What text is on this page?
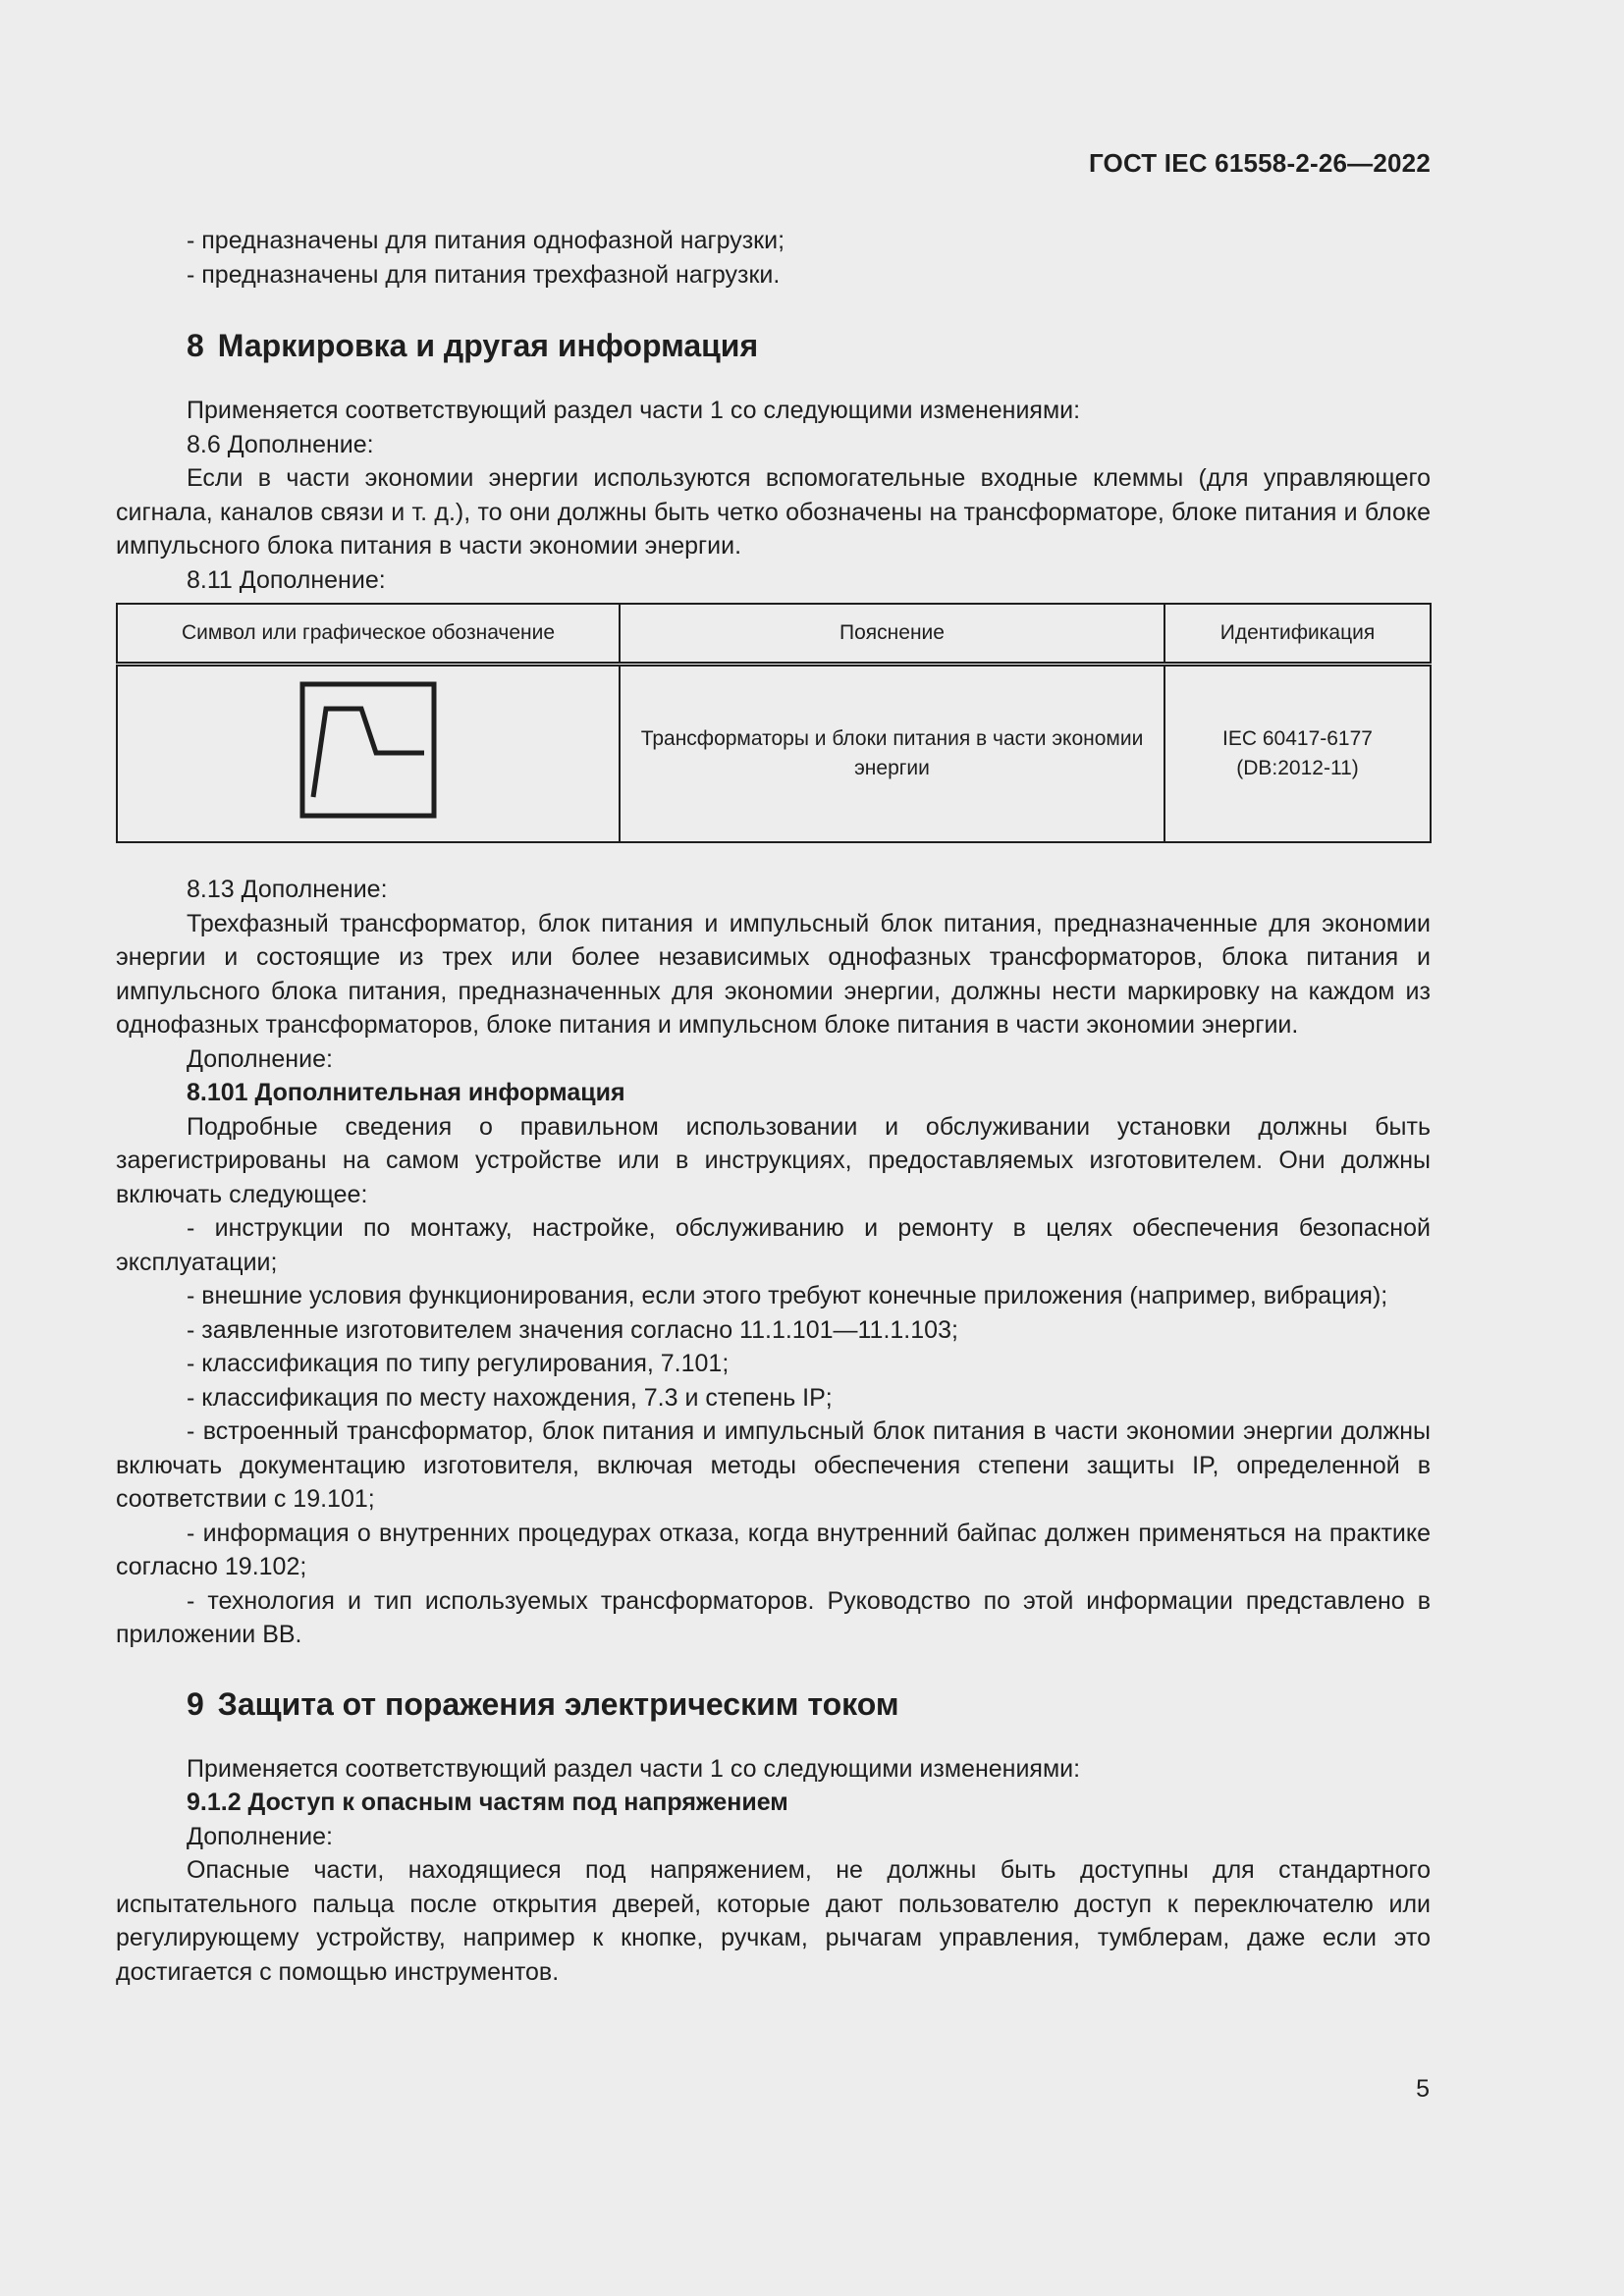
ГОСТ IEC 61558-2-26—2022

- предназначены для питания однофазной нагрузки;

- предназначены для питания трехфазной нагрузки.

8 Маркировка и другая информация

Применяется соответствующий раздел части 1 со следующими изменениями:

8.6 Дополнение:

Если в части экономии энергии используются вспомогательные входные клеммы (для управляющего сигнала, каналов связи и т. д.), то они должны быть четко обозначены на трансформаторе, блоке питания и блоке импульсного блока питания в части экономии энергии.

8.11 Дополнение:

Символ или графическое обозначение	Пояснение	Идентификация
	Трансформаторы и блоки питания в части экономии энергии	IEC 60417-6177
(DB:2012-11)

8.13 Дополнение:

Трехфазный трансформатор, блок питания и импульсный блок питания, предназначенные для экономии энергии и состоящие из трех или более независимых однофазных трансформаторов, блока питания и импульсного блока питания, предназначенных для экономии энергии, должны нести маркировку на каждом из однофазных трансформаторов, блоке питания и импульсном блоке питания в части экономии энергии.

Дополнение:

8.101 Дополнительная информация

Подробные сведения о правильном использовании и обслуживании установки должны быть зарегистрированы на самом устройстве или в инструкциях, предоставляемых изготовителем. Они должны включать следующее:

- инструкции по монтажу, настройке, обслуживанию и ремонту в целях обеспечения безопасной эксплуатации;

- внешние условия функционирования, если этого требуют конечные приложения (например, вибрация);

- заявленные изготовителем значения согласно 11.1.101—11.1.103;

- классификация по типу регулирования, 7.101;

- классификация по месту нахождения, 7.3 и степень IP;

- встроенный трансформатор, блок питания и импульсный блок питания в части экономии энергии должны включать документацию изготовителя, включая методы обеспечения степени защиты IP, определенной в соответствии с 19.101;

- информация о внутренних процедурах отказа, когда внутренний байпас должен применяться на практике согласно 19.102;

- технология и тип используемых трансформаторов. Руководство по этой информации представлено в приложении ВВ.

9 Защита от поражения электрическим током

Применяется соответствующий раздел части 1 со следующими изменениями:

9.1.2 Доступ к опасным частям под напряжением

Дополнение:

Опасные части, находящиеся под напряжением, не должны быть доступны для стандартного испытательного пальца после открытия дверей, которые дают пользователю доступ к переключателю или регулирующему устройству, например к кнопке, ручкам, рычагам управления, тумблерам, даже если это достигается с помощью инструментов.

5
